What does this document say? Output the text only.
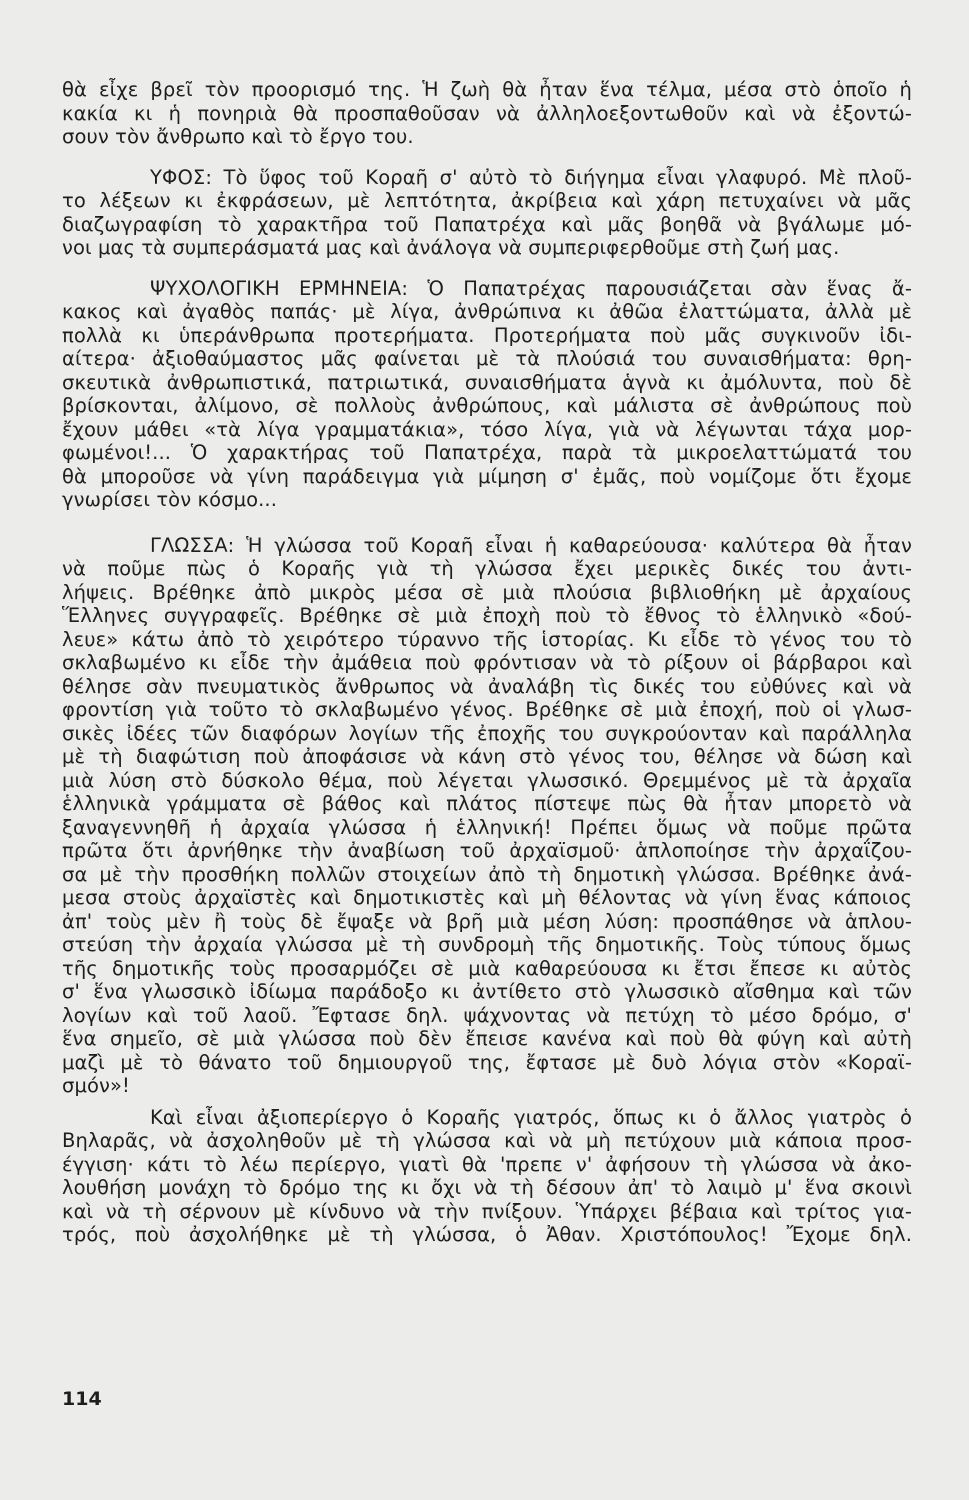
θὰ εἶχε βρεῖ τὸν προορισμό της. Ἡ ζωὴ θὰ ἦταν ἕνα τέλμα, μέσα στὸ ὁποῖο ἡ
κακία κι ἡ πονηριὰ θὰ προσπαθοῦσαν νὰ ἀλληλοεξοντωθοῦν καὶ νὰ ἐξοντώ-
σουν τὸν ἄνθρωπο καὶ τὸ ἔργο του.
ΥΦΟΣ: Τὸ ὕφος τοῦ Κοραῆ σ' αὐτὸ τὸ διήγημα εἶναι γλαφυρό. Μὲ πλοῦ-
το λέξεων κι ἐκφράσεων, μὲ λεπτότητα, ἀκρίβεια καὶ χάρη πετυχαίνει νὰ μᾶς
διαζωγραφίση τὸ χαρακτῆρα τοῦ Παπατρέχα καὶ μᾶς βοηθᾶ νὰ βγάλωμε μό-
νοι μας τὰ συμπεράσματά μας καὶ ἀνάλογα νὰ συμπεριφερθοῦμε στὴ ζωή μας.
ΨΥΧΟΛΟΓΙΚΗ ΕΡΜΗΝΕΙΑ: Ὁ Παπατρέχας παρουσιάζεται σὰν ἕνας ἄ-
κακος καὶ ἀγαθὸς παπάς· μὲ λίγα, ἀνθρώπινα κι ἀθῶα ἐλαττώματα, ἀλλὰ μὲ
πολλὰ κι ὑπεράνθρωπα προτερήματα. Προτερήματα ποὺ μᾶς συγκινοῦν ἰδι-
αίτερα· ἀξιοθαύμαστος μᾶς φαίνεται μὲ τὰ πλούσιά του συναισθήματα: θρη-
σκευτικὰ ἀνθρωπιστικά, πατριωτικά, συναισθήματα ἁγνὰ κι ἀμόλυντα, ποὺ δὲ
βρίσκονται, ἀλίμονο, σὲ πολλοὺς ἀνθρώπους, καὶ μάλιστα σὲ ἀνθρώπους ποὺ
ἔχουν μάθει «τὰ λίγα γραμματάκια», τόσο λίγα, γιὰ νὰ λέγωνται τάχα μορ-
φωμένοι!... Ὁ χαρακτήρας τοῦ Παπατρέχα, παρὰ τὰ μικροελαττώματά του
θὰ μποροῦσε νὰ γίνη παράδειγμα γιὰ μίμηση σ' ἐμᾶς, ποὺ νομίζομε ὅτι ἔχομε
γνωρίσει τὸν κόσμο...
ΓΛΩΣΣΑ: Ἡ γλώσσα τοῦ Κοραῆ εἶναι ἡ καθαρεύουσα· καλύτερα θὰ ἦταν
νὰ ποῦμε πὼς ὁ Κοραῆς γιὰ τὴ γλώσσα ἔχει μερικὲς δικές του ἀντι-
λήψεις. Βρέθηκε ἀπὸ μικρὸς μέσα σὲ μιὰ πλούσια βιβλιοθήκη μὲ ἀρχαίους
Ἕλληνες συγγραφεῖς. Βρέθηκε σὲ μιὰ ἐποχὴ ποὺ τὸ ἔθνος τὸ ἑλληνικὸ «δού-
λευε» κάτω ἀπὸ τὸ χειρότερο τύραννο τῆς ἱστορίας. Κι εἶδε τὸ γένος του τὸ
σκλαβωμένο κι εἶδε τὴν ἀμάθεια ποὺ φρόντισαν νὰ τὸ ρίξουν οἱ βάρβαροι καὶ
θέλησε σὰν πνευματικὸς ἄνθρωπος νὰ ἀναλάβη τὶς δικές του εὐθύνες καὶ νὰ
φροντίση γιὰ τοῦτο τὸ σκλαβωμένο γένος. Βρέθηκε σὲ μιὰ ἐποχή, ποὺ οἱ γλωσ-
σικὲς ἰδέες τῶν διαφόρων λογίων τῆς ἐποχῆς του συγκρούονταν καὶ παράλληλα
μὲ τὴ διαφώτιση ποὺ ἀποφάσισε νὰ κάνη στὸ γένος του, θέλησε νὰ δώση καὶ
μιὰ λύση στὸ δύσκολο θέμα, ποὺ λέγεται γλωσσικό. Θρεμμένος μὲ τὰ ἀρχαῖα
ἑλληνικὰ γράμματα σὲ βάθος καὶ πλάτος πίστεψε πὼς θὰ ἦταν μπορετὸ νὰ
ξαναγεννηθῆ ἡ ἀρχαία γλώσσα ἡ ἑλληνική! Πρέπει ὅμως νὰ ποῦμε πρῶτα
πρῶτα ὅτι ἀρνήθηκε τὴν ἀναβίωση τοῦ ἀρχαϊσμοῦ· ἁπλοποίησε τὴν ἀρχαΐζου-
σα μὲ τὴν προσθήκη πολλῶν στοιχείων ἀπὸ τὴ δημοτικὴ γλώσσα. Βρέθηκε ἀνά-
μεσα στοὺς ἀρχαϊστὲς καὶ δημοτικιστὲς καὶ μὴ θέλοντας νὰ γίνη ἕνας κάποιος
ἀπ' τοὺς μὲν ἢ τοὺς δὲ ἔψαξε νὰ βρῆ μιὰ μέση λύση: προσπάθησε νὰ ἁπλου-
στεύση τὴν ἀρχαία γλώσσα μὲ τὴ συνδρομὴ τῆς δημοτικῆς. Τοὺς τύπους ὅμως
τῆς δημοτικῆς τοὺς προσαρμόζει σὲ μιὰ καθαρεύουσα κι ἔτσι ἔπεσε κι αὐτὸς
σ' ἕνα γλωσσικὸ ἰδίωμα παράδοξο κι ἀντίθετο στὸ γλωσσικὸ αἴσθημα καὶ τῶν
λογίων καὶ τοῦ λαοῦ. Ἔφτασε δηλ. ψάχνοντας νὰ πετύχη τὸ μέσο δρόμο, σ'
ἕνα σημεῖο, σὲ μιὰ γλώσσα ποὺ δὲν ἔπεισε κανένα καὶ ποὺ θὰ φύγη καὶ αὐτὴ
μαζὶ μὲ τὸ θάνατο τοῦ δημιουργοῦ της, ἔφτασε μὲ δυὸ λόγια στὸν «Κοραϊ-
σμόν»!
Καὶ εἶναι ἀξιοπερίεργο ὁ Κοραῆς γιατρός, ὅπως κι ὁ ἄλλος γιατρὸς ὁ
Βηλαρᾶς, νὰ ἀσχοληθοῦν μὲ τὴ γλώσσα καὶ νὰ μὴ πετύχουν μιὰ κάποια προσ-
έγγιση· κάτι τὸ λέω περίεργο, γιατὶ θὰ 'πρεπε ν' ἀφήσουν τὴ γλώσσα νὰ ἀκο-
λουθήση μονάχη τὸ δρόμο της κι ὄχι νὰ τὴ δέσουν ἀπ' τὸ λαιμὸ μ' ἕνα σκοινὶ
καὶ νὰ τὴ σέρνουν μὲ κίνδυνο νὰ τὴν πνίξουν. Ὑπάρχει βέβαια καὶ τρίτος για-
τρός, ποὺ ἀσχολήθηκε μὲ τὴ γλώσσα, ὁ Ἀθαν. Χριστόπουλος! Ἔχομε δηλ.
114
